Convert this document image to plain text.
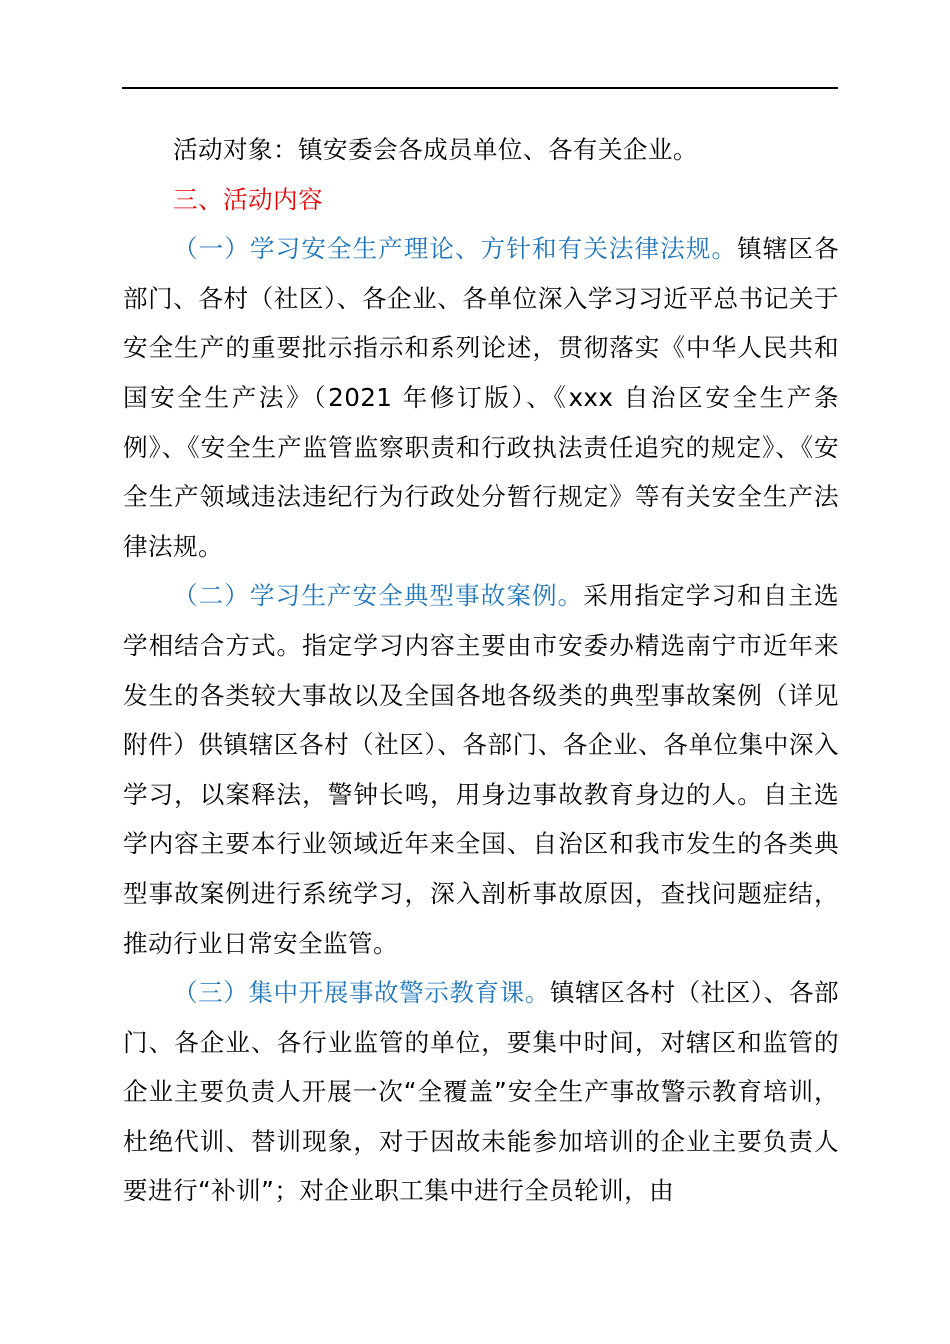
活动对象：镇安委会各成员单位、各有关企业。

三、活动内容

（一）学习安全生产理论、方针和有关法律法规。镇辖区各部门、各村（社区）、各企业、各单位深入学习习近平总书记关于安全生产的重要批示指示和系列论述，贯彻落实《中华人民共和国安全生产法》（2021 年修订版）、《xxx 自治区安全生产条例》、《安全生产监管监察职责和行政执法责任追究的规定》、《安全生产领域违法违纪行为行政处分暂行规定》等有关安全生产法律法规。

（二）学习生产安全典型事故案例。采用指定学习和自主选学相结合方式。指定学习内容主要由市安委办精选南宁市近年来发生的各类较大事故以及全国各地各级类的典型事故案例（详见附件）供镇辖区各村（社区）、各部门、各企业、各单位集中深入学习，以案释法，警钟长鸣，用身边事故教育身边的人。自主选学内容主要本行业领域近年来全国、自治区和我市发生的各类典型事故案例进行系统学习，深入剖析事故原因，查找问题症结，推动行业日常安全监管。

（三）集中开展事故警示教育课。镇辖区各村（社区）、各部门、各企业、各行业监管的单位，要集中时间，对辖区和监管的企业主要负责人开展一次“全覆盖”安全生产事故警示教育培训，杜绝代训、替训现象，对于因故未能参加培训的企业主要负责人要进行“补训”；对企业职工集中进行全员轮训，由
